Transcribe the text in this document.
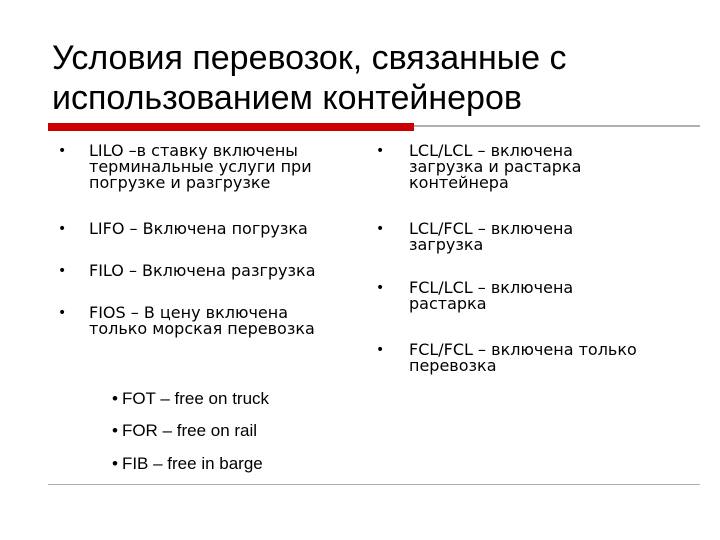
Условия перевозок, связанные с использованием контейнеров
• LILO –в ставку включены
терминальные услуги при
погрузке и разгрузке
• LIFO – Включена погрузка
• FILO – Включена разгрузка
• FIOS – В цену включена
только морская перевозка
• LCL/LCL – включена
загрузка и растарка
контейнера
• LCL/FCL – включена
загрузка
• FCL/LCL – включена
растарка
• FCL/FCL – включена только
перевозка
• FOT – free on truck
• FOR – free on rail
• FIB – free in barge
